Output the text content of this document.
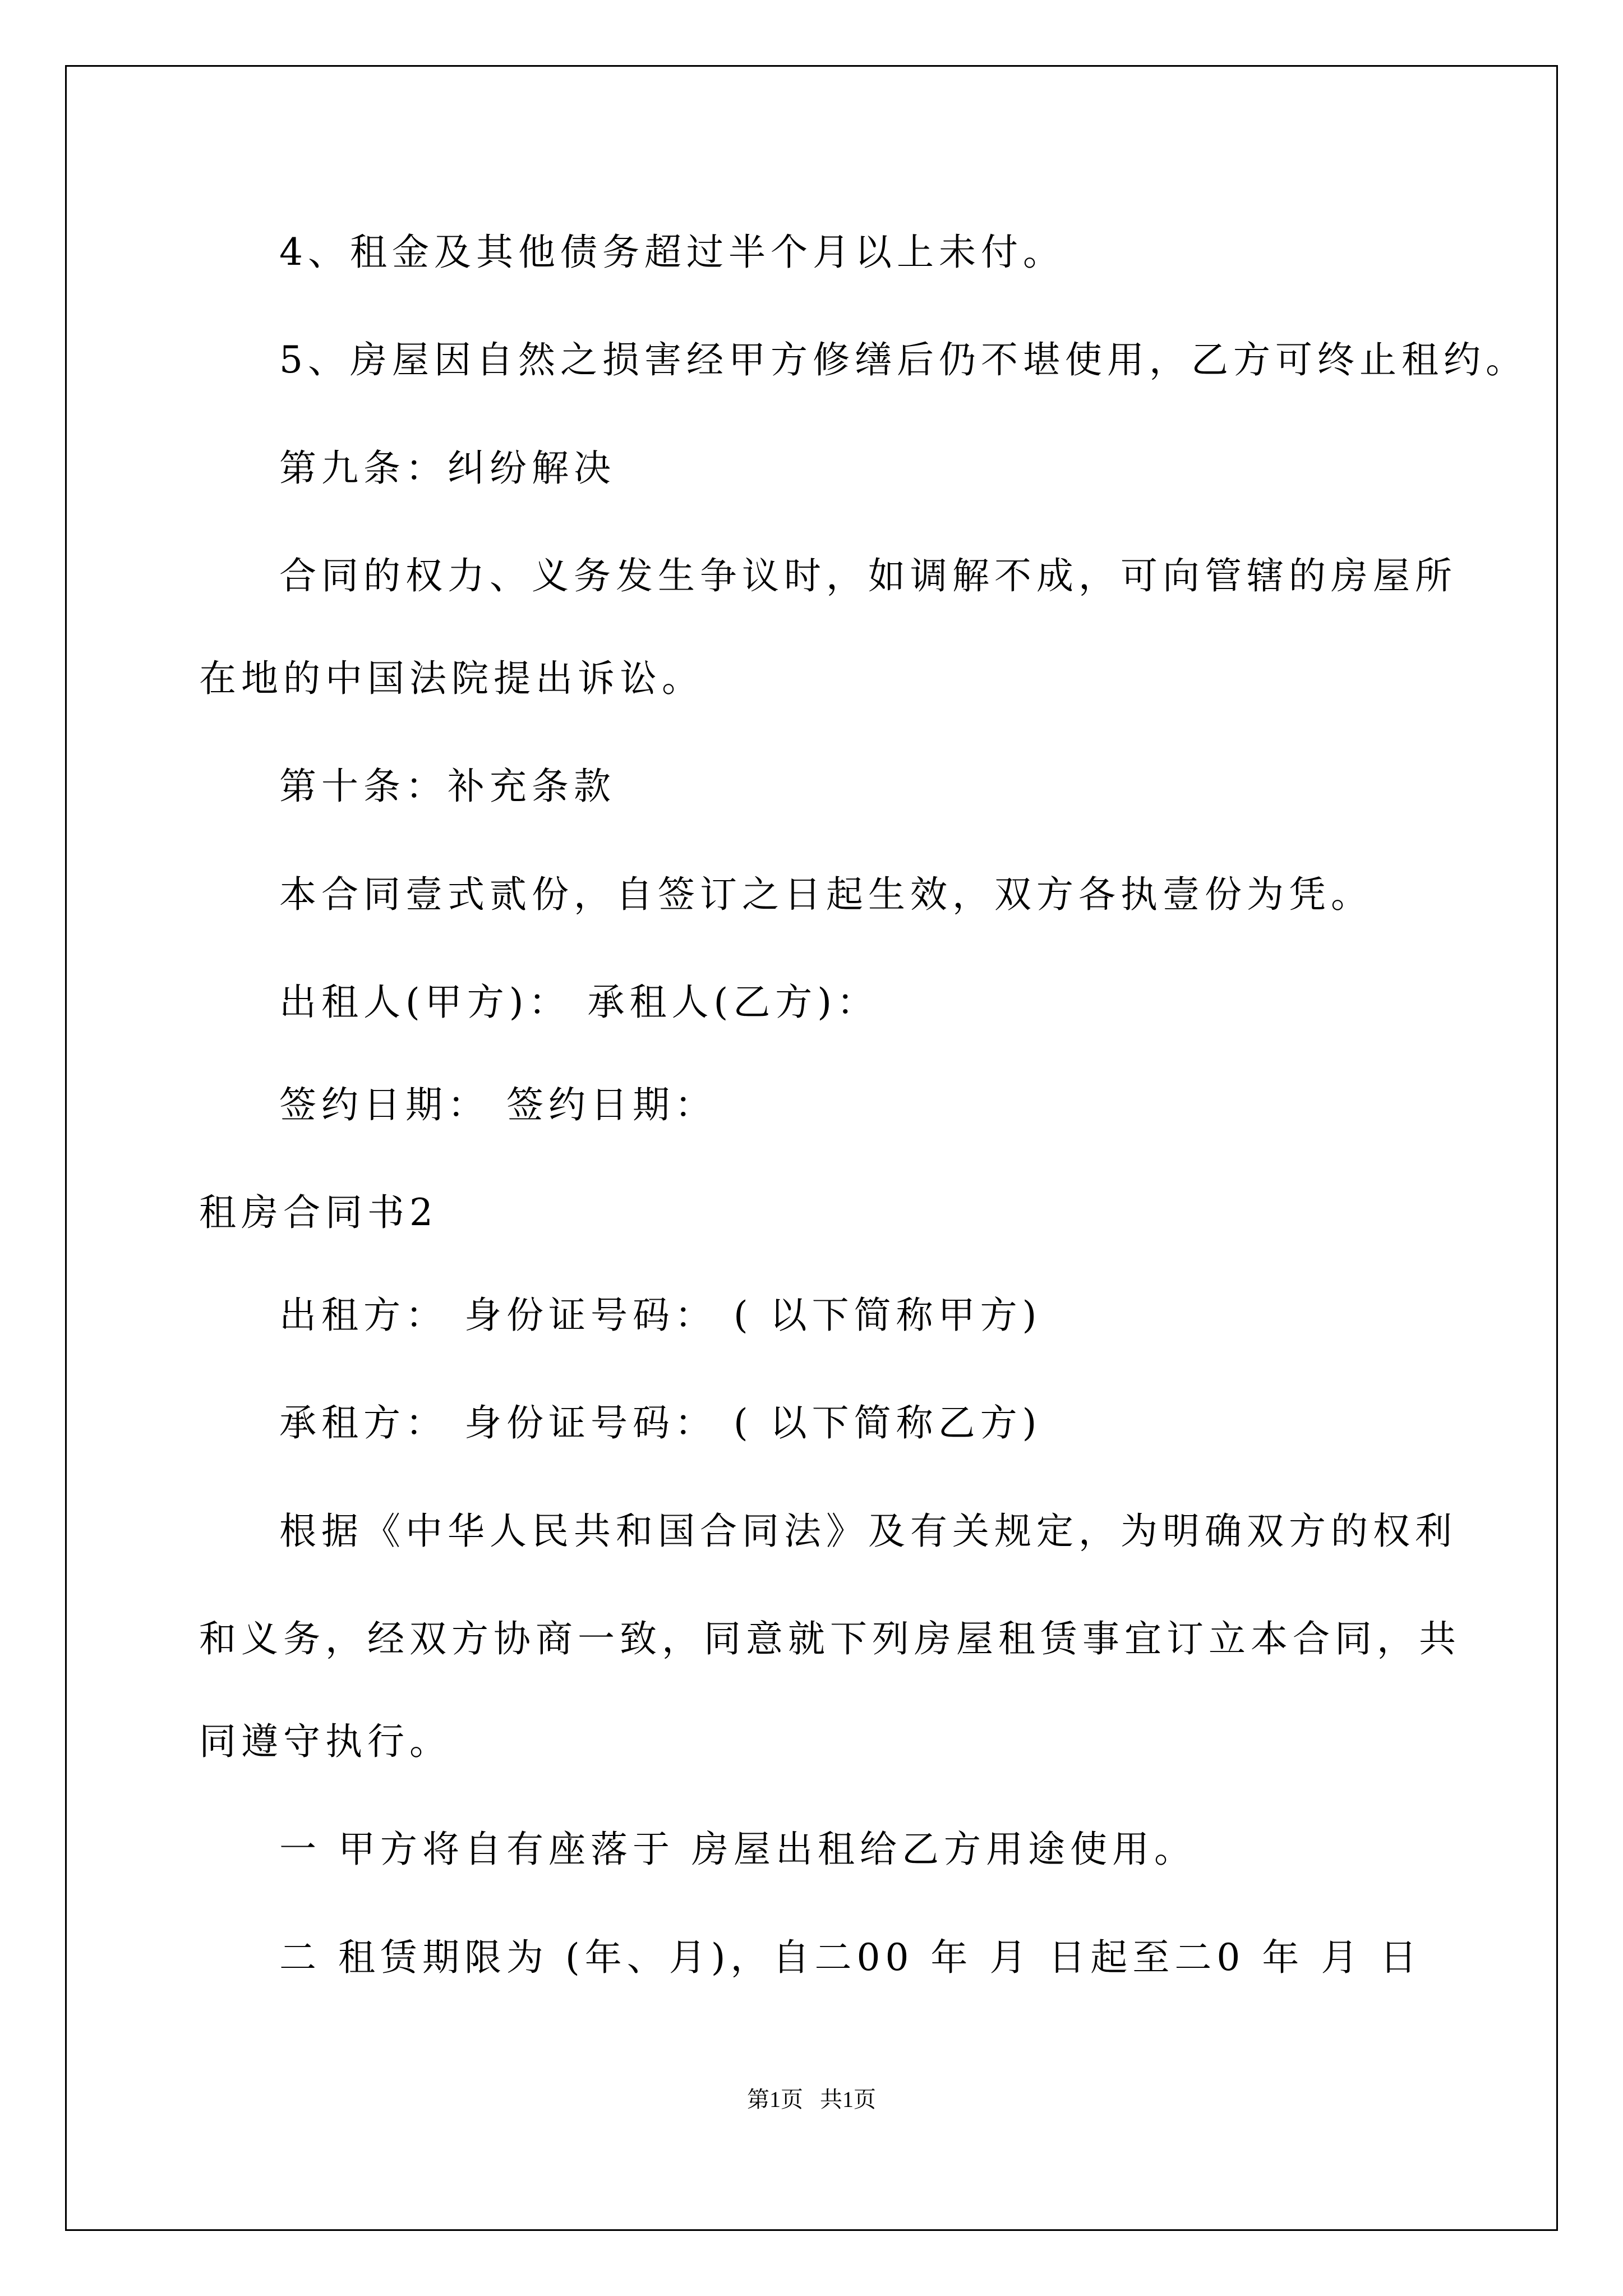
4、租金及其他债务超过半个月以上未付。
5、房屋因自然之损害经甲方修缮后仍不堪使用，乙方可终止租约。
第九条：纠纷解决
合同的权力、义务发生争议时，如调解不成，可向管辖的房屋所
在地的中国法院提出诉讼。
第十条：补充条款
本合同壹式贰份，自签订之日起生效，双方各执壹份为凭。
出租人(甲方)： 承租人(乙方)：
签约日期： 签约日期：
租房合同书2
出租方： 身份证号码： ( 以下简称甲方)
承租方： 身份证号码： ( 以下简称乙方)
根据《中华人民共和国合同法》及有关规定，为明确双方的权利
和义务，经双方协商一致，同意就下列房屋租赁事宜订立本合同，共
同遵守执行。
一 甲方将自有座落于 房屋出租给乙方用途使用。
二 租赁期限为 (年、月)，自二00 年 月 日起至二0 年 月 日
第1页   共1页
